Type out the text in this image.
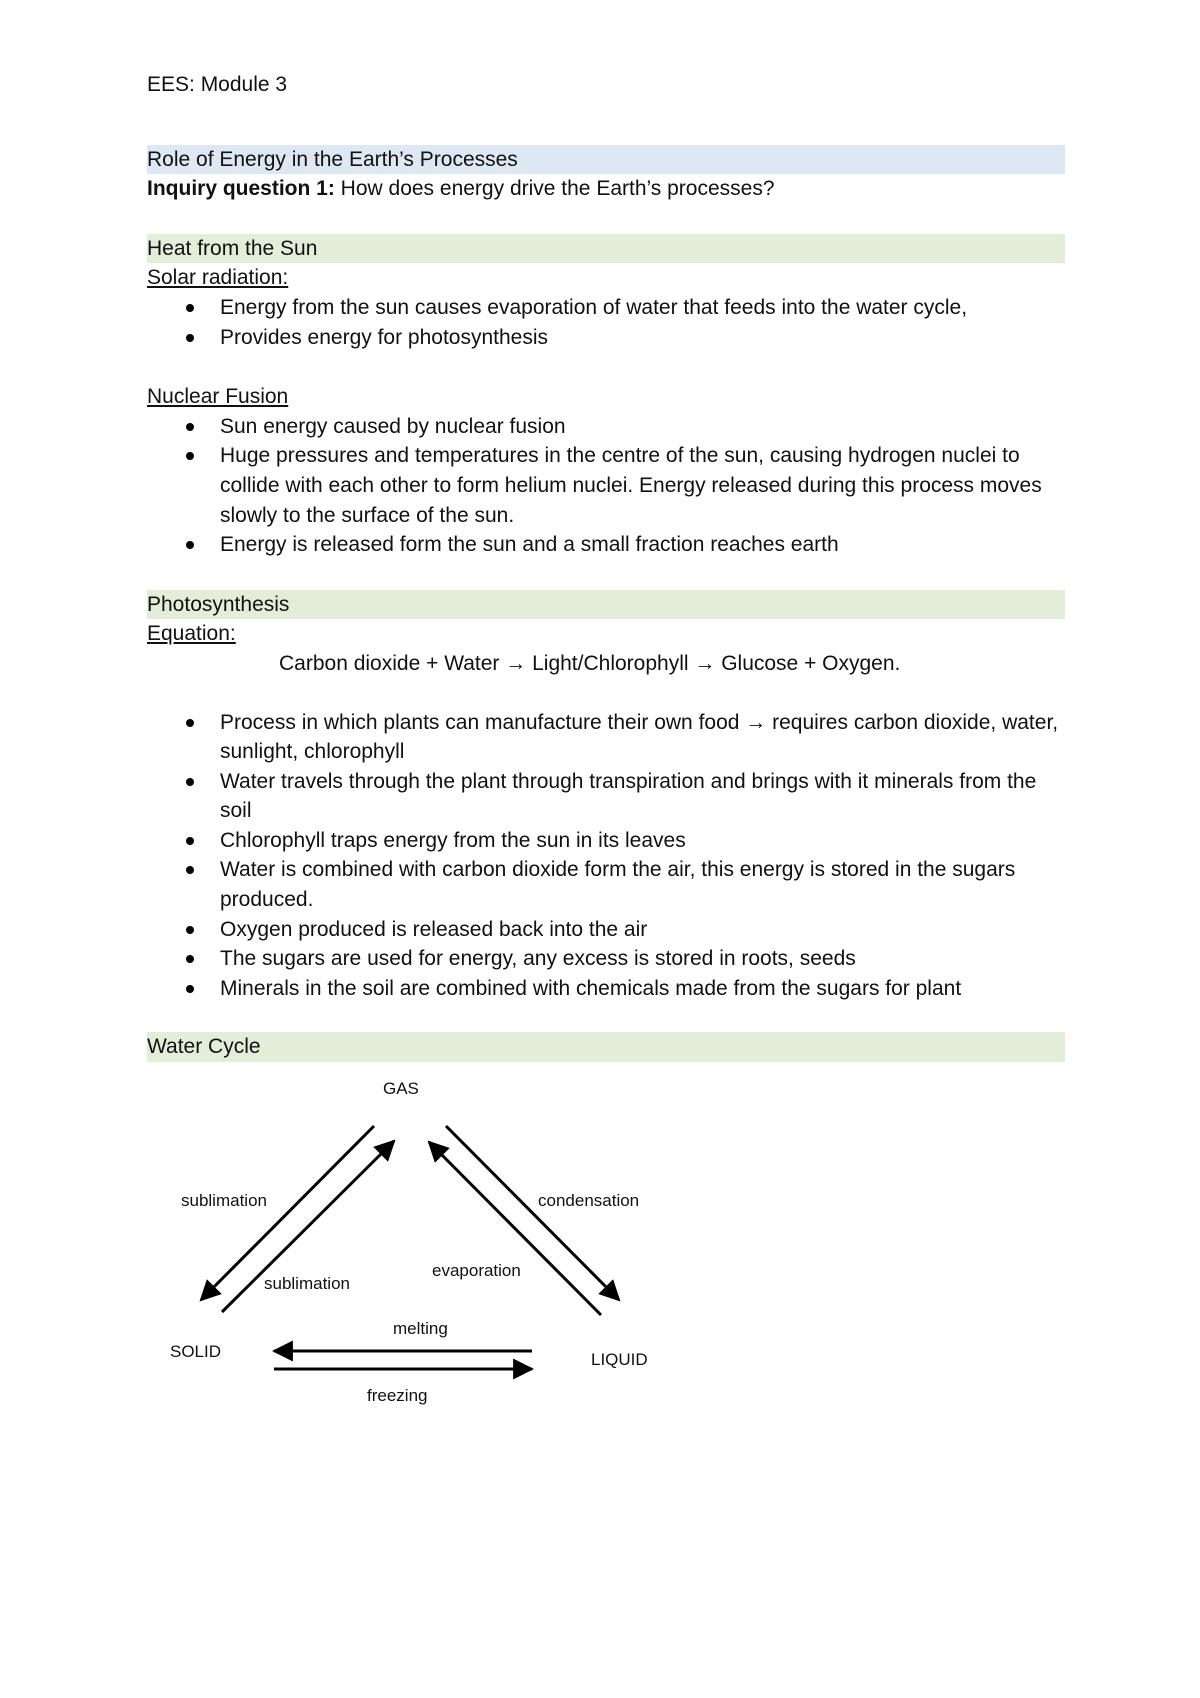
EES: Module 3
Role of Energy in the Earth’s Processes
Inquiry question 1: How does energy drive the Earth’s processes?
Heat from the Sun
Solar radiation:
Energy from the sun causes evaporation of water that feeds into the water cycle,
Provides energy for photosynthesis
Nuclear Fusion
Sun energy caused by nuclear fusion
Huge pressures and temperatures in the centre of the sun, causing hydrogen nuclei to collide with each other to form helium nuclei. Energy released during this process moves slowly to the surface of the sun.
Energy is released form the sun and a small fraction reaches earth
Photosynthesis
Equation:
Carbon dioxide + Water → Light/Chlorophyll → Glucose + Oxygen.
Process in which plants can manufacture their own food → requires carbon dioxide, water, sunlight, chlorophyll
Water travels through the plant through transpiration and brings with it minerals from the soil
Chlorophyll traps energy from the sun in its leaves
Water is combined with carbon dioxide form the air, this energy is stored in the sugars produced.
Oxygen produced is released back into the air
The sugars are used for energy, any excess is stored in roots, seeds
Minerals in the soil are combined with chemicals made from the sugars for plant
Water Cycle
GAS
SOLID	LIQUID
sublimation
sublimation
condensation
evaporation
melting
freezing
